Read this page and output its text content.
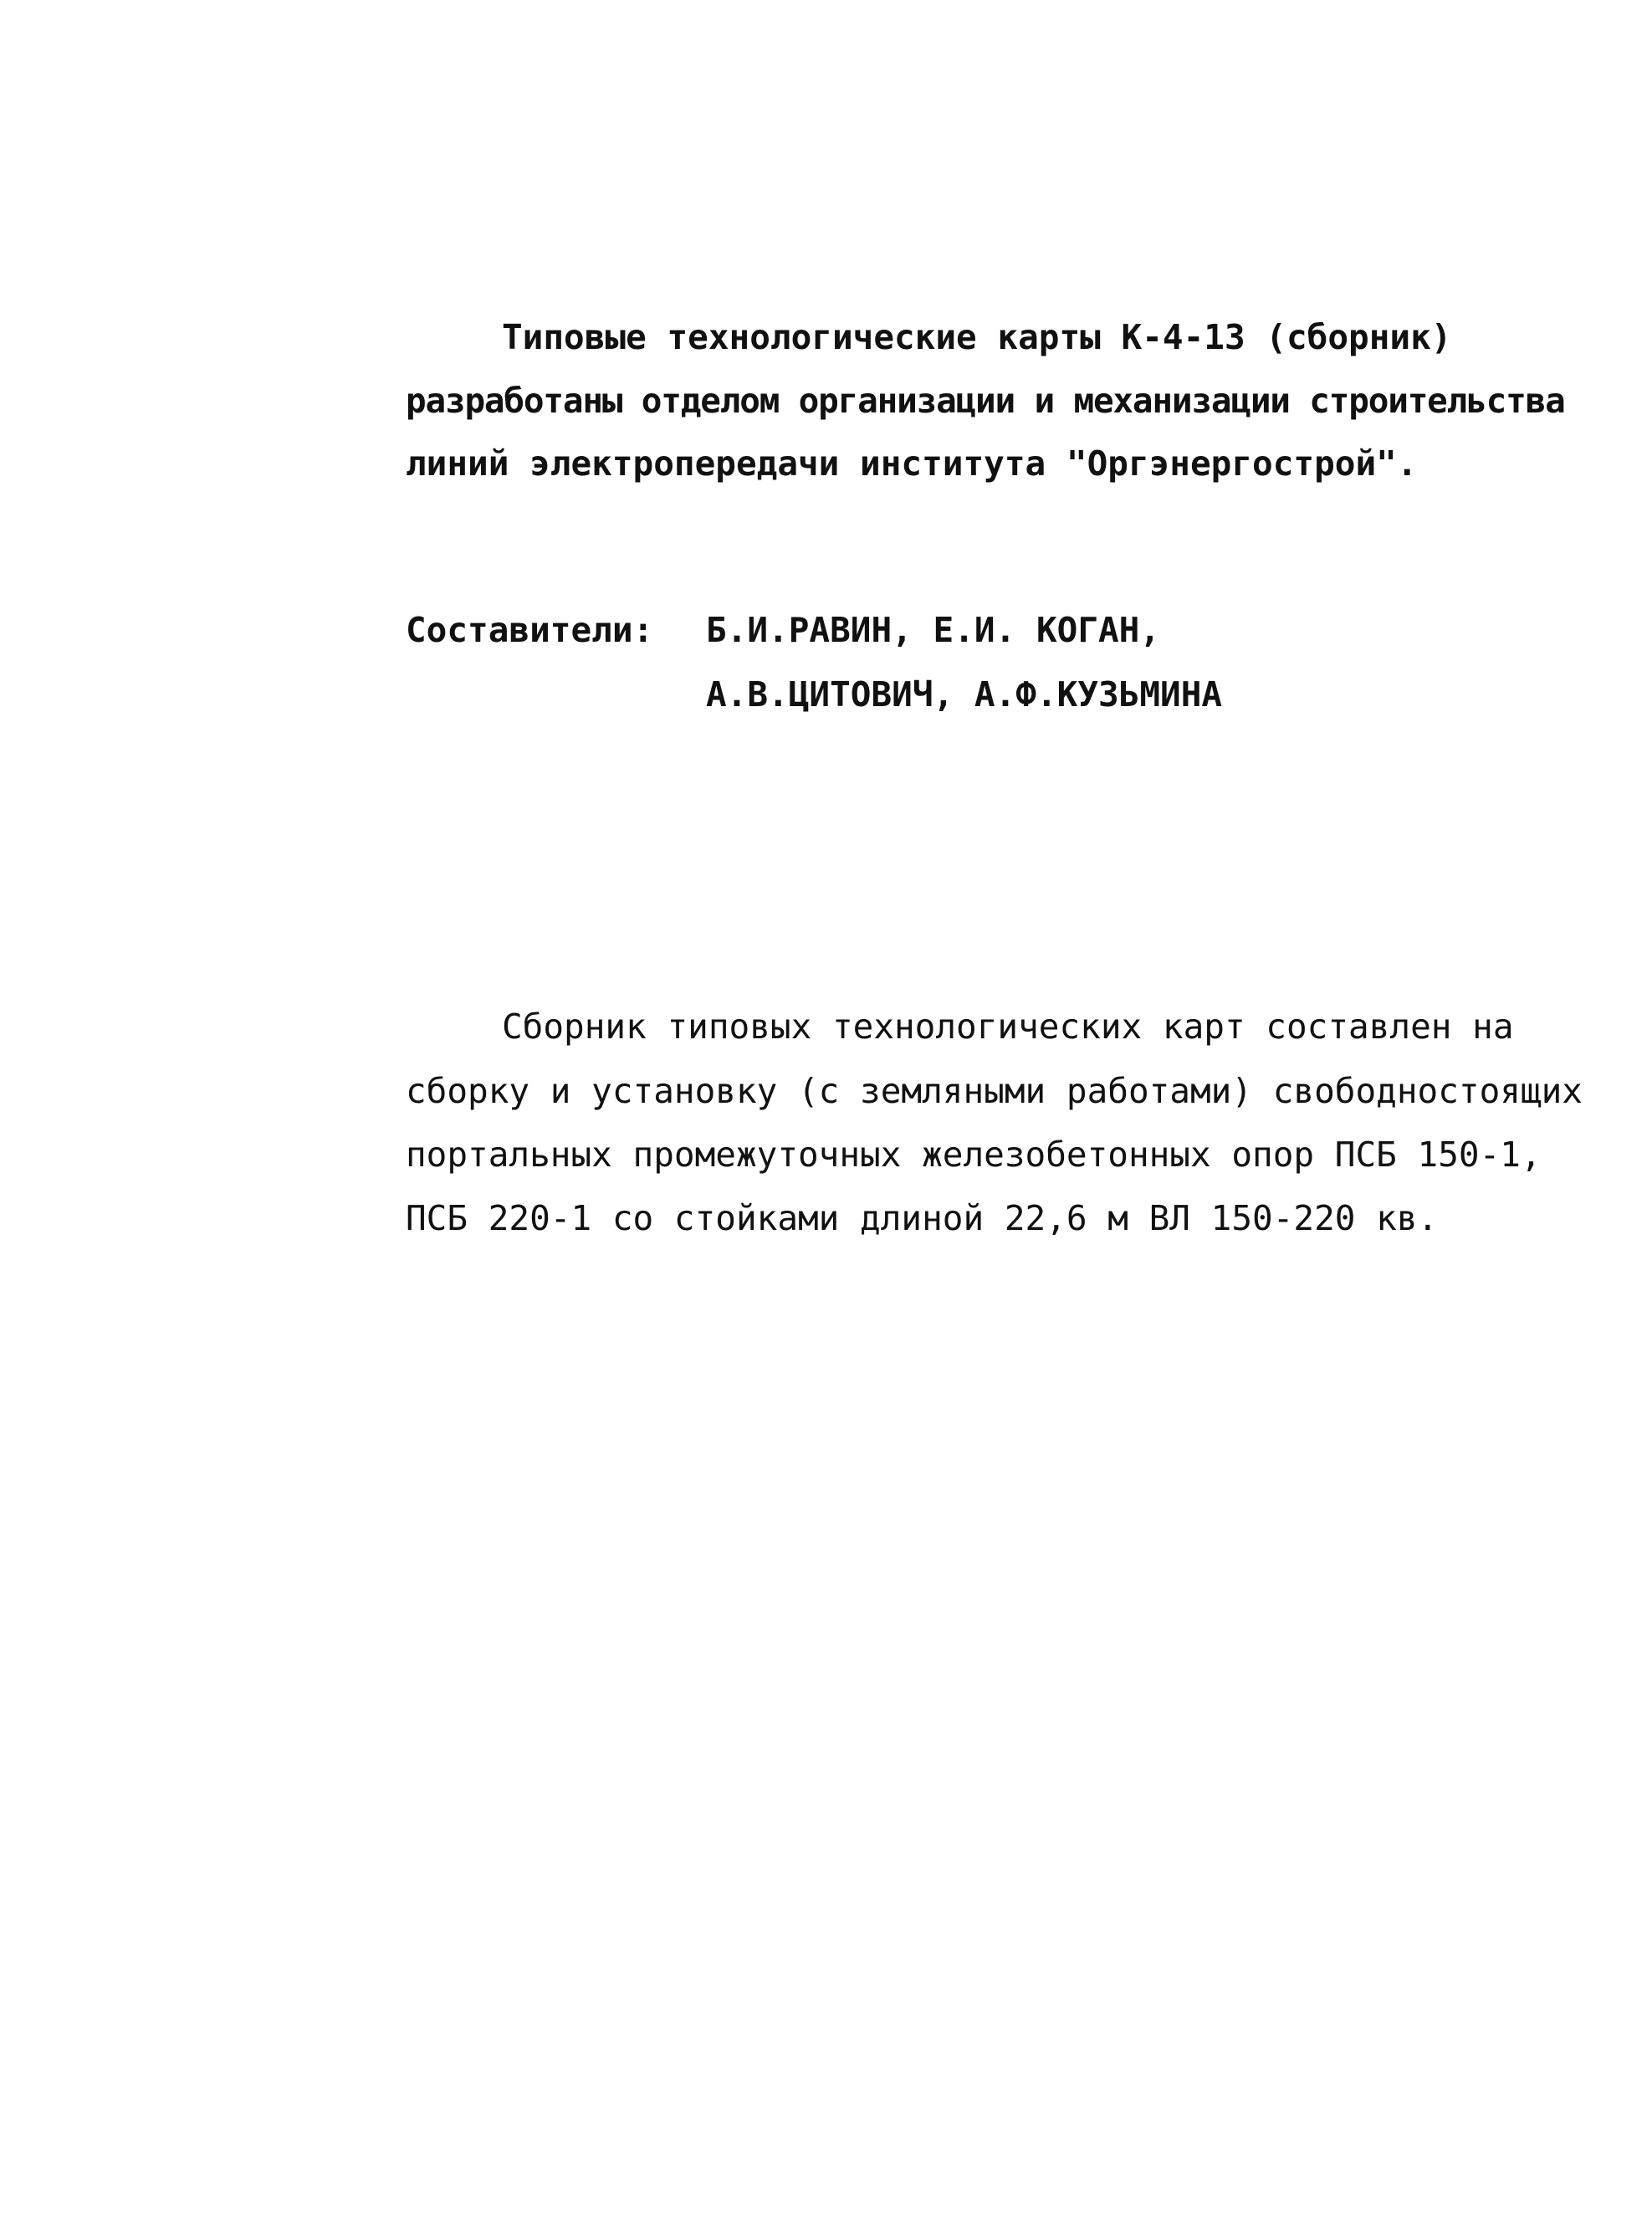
Типовые технологические карты К-4-13 (сборник)
разработаны отделом организации и механизации строительства
линий электропередачи института "Оргэнергострой".
Составители: Б.И.РАВИН, Е.И. КОГАН,
А.В.ЦИТОВИЧ, А.Ф.КУЗЬМИНА
Сборник типовых технологических карт составлен на
сборку и установку (с земляными работами) свободностоящих
портальных промежуточных железобетонных опор ПСБ 150-1,
ПСБ 220-1 со стойками длиной 22,6 м ВЛ 150-220 кв.
